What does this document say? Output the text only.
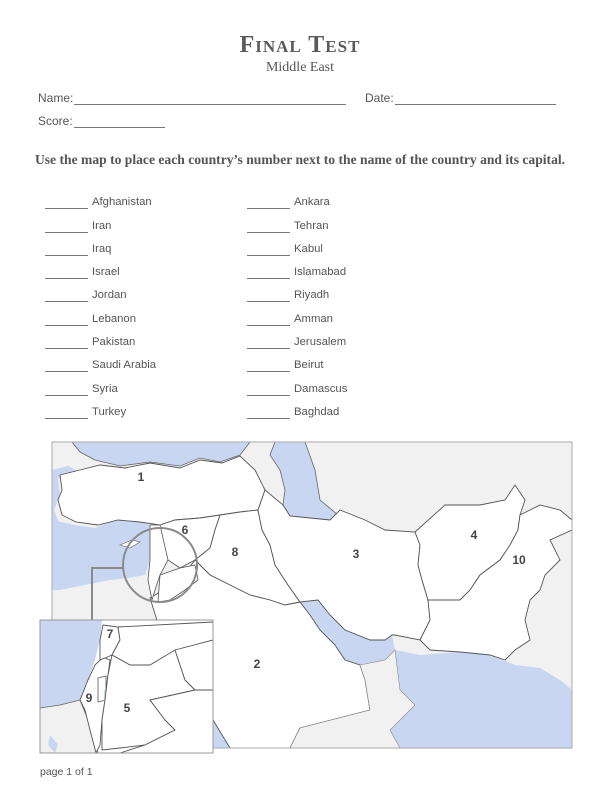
Final Test
Middle East
Name:	Date:
Score:
Use the map to place each country’s number next to the name of the country and its capital.
Afghanistan
Iran
Iraq
Israel
Jordan
Lebanon
Pakistan
Saudi Arabia
Syria
Turkey
Ankara
Tehran
Kabul
Islamabad
Riyadh
Amman
Jerusalem
Beirut
Damascus
Baghdad
1
6
8	3
4
10
2
7
9
5
page 1 of 1
